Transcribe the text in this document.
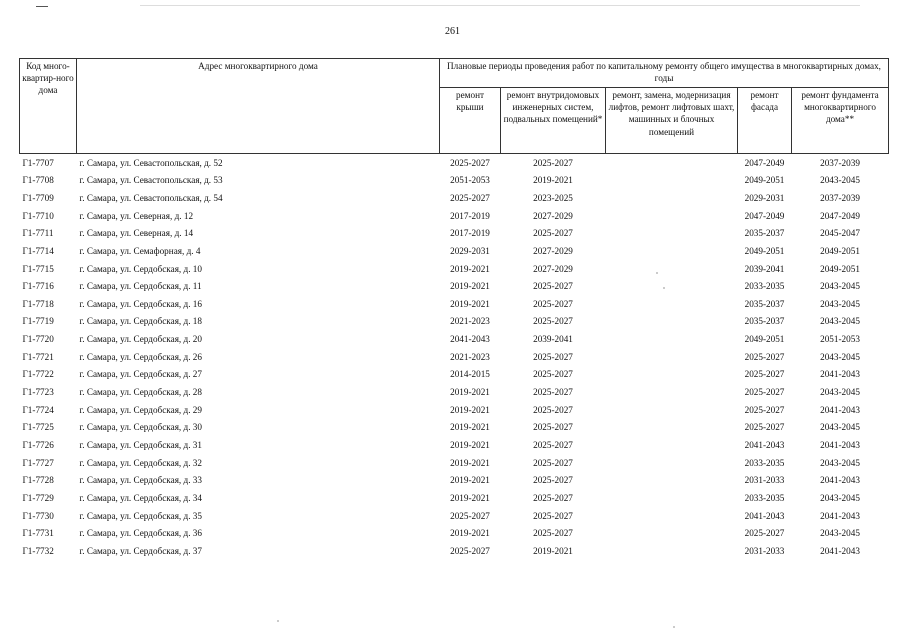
261
Код много-квартир-ного дома	Адрес многоквартирного дома	Плановые периоды проведения работ по капитальному ремонту общего имущества в многоквартирных домах, годы				
		ремонт крыши	ремонт внутридомовых инженерных систем, подвальных помещений*	ремонт, замена, модернизация лифтов, ремонт лифтовых шахт, машинных и блочных помещений	ремонт фасада	ремонт фундамента многоквартирного дома**
Г1-7707	г. Самара, ул. Севастопольская, д. 52	2025-2027	2025-2027		2047-2049	2037-2039
Г1-7708	г. Самара, ул. Севастопольская, д. 53	2051-2053	2019-2021		2049-2051	2043-2045
Г1-7709	г. Самара, ул. Севастопольская, д. 54	2025-2027	2023-2025		2029-2031	2037-2039
Г1-7710	г. Самара, ул. Северная, д. 12	2017-2019	2027-2029		2047-2049	2047-2049
Г1-7711	г. Самара, ул. Северная, д. 14	2017-2019	2025-2027		2035-2037	2045-2047
Г1-7714	г. Самара, ул. Семафорная, д. 4	2029-2031	2027-2029		2049-2051	2049-2051
Г1-7715	г. Самара, ул. Сердобская, д. 10	2019-2021	2027-2029		2039-2041	2049-2051
Г1-7716	г. Самара, ул. Сердобская, д. 11	2019-2021	2025-2027		2033-2035	2043-2045
Г1-7718	г. Самара, ул. Сердобская, д. 16	2019-2021	2025-2027		2035-2037	2043-2045
Г1-7719	г. Самара, ул. Сердобская, д. 18	2021-2023	2025-2027		2035-2037	2043-2045
Г1-7720	г. Самара, ул. Сердобская, д. 20	2041-2043	2039-2041		2049-2051	2051-2053
Г1-7721	г. Самара, ул. Сердобская, д. 26	2021-2023	2025-2027		2025-2027	2043-2045
Г1-7722	г. Самара, ул. Сердобская, д. 27	2014-2015	2025-2027		2025-2027	2041-2043
Г1-7723	г. Самара, ул. Сердобская, д. 28	2019-2021	2025-2027		2025-2027	2043-2045
Г1-7724	г. Самара, ул. Сердобская, д. 29	2019-2021	2025-2027		2025-2027	2041-2043
Г1-7725	г. Самара, ул. Сердобская, д. 30	2019-2021	2025-2027		2025-2027	2043-2045
Г1-7726	г. Самара, ул. Сердобская, д. 31	2019-2021	2025-2027		2041-2043	2041-2043
Г1-7727	г. Самара, ул. Сердобская, д. 32	2019-2021	2025-2027		2033-2035	2043-2045
Г1-7728	г. Самара, ул. Сердобская, д. 33	2019-2021	2025-2027		2031-2033	2041-2043
Г1-7729	г. Самара, ул. Сердобская, д. 34	2019-2021	2025-2027		2033-2035	2043-2045
Г1-7730	г. Самара, ул. Сердобская, д. 35	2025-2027	2025-2027		2041-2043	2041-2043
Г1-7731	г. Самара, ул. Сердобская, д. 36	2019-2021	2025-2027		2025-2027	2043-2045
Г1-7732	г. Самара, ул. Сердобская, д. 37	2025-2027	2019-2021		2031-2033	2041-2043
